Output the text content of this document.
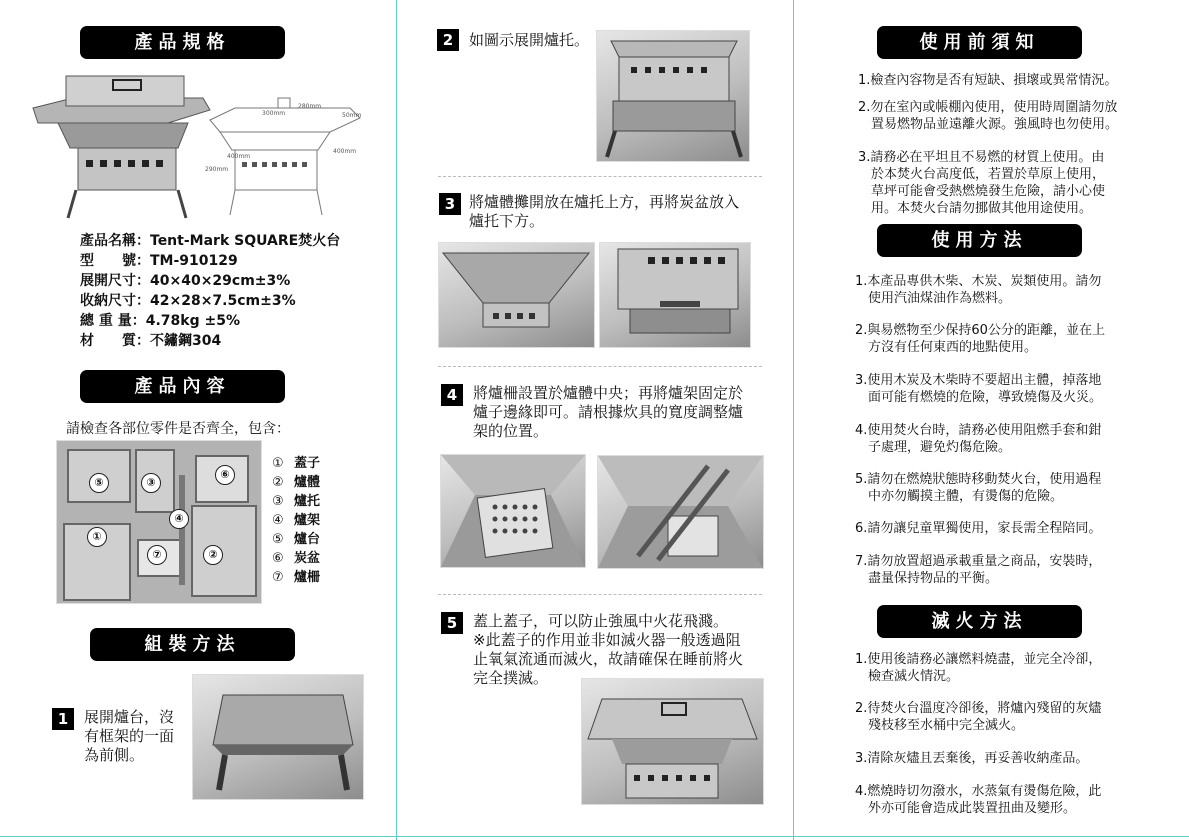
產品規格
300mm
280mm
50mm
400mm
400mm
290mm
產品名稱：Tent-Mark SQUARE焚火台
型　　號：TM-910129
展開尺寸：40×40×29cm±3%
收納尺寸：42×28×7.5cm±3%
總 重 量：4.78kg ±5%
材　　質：不鏽鋼304
產品內容
請檢查各部位零件是否齊全，包含：
⑤	③
⑥
④
①
⑦	②
① 蓋子
② 爐體
③ 爐托
④ 爐架
⑤ 爐台
⑥ 炭盆
⑦ 爐柵
組裝方法
1	展開爐台，沒
有框架的一面
為前側。
2	如圖示展開爐托。
3 將爐體攤開放在爐托上方，再將炭盆放入
爐托下方。
4	將爐柵設置於爐體中央；再將爐架固定於
爐子邊緣即可。請根據炊具的寬度調整爐
架的位置。
5	蓋上蓋子，可以防止強風中火花飛濺。
※此蓋子的作用並非如滅火器一般透過阻
止氧氣流通而滅火，故請確保在睡前將火
完全撲滅。
使用前須知
1.檢查內容物是否有短缺、損壞或異常情況。
2.勿在室內或帳棚內使用，使用時周圍請勿放
　置易燃物品並遠離火源。強風時也勿使用。
3.請務必在平坦且不易燃的材質上使用。由
　於本焚火台高度低，若置於草原上使用，
　草坪可能會受熱燃燒發生危險，請小心使
　用。本焚火台請勿挪做其他用途使用。
使用方法
1.本產品專供木柴、木炭、炭類使用。請勿
　使用汽油煤油作為燃料。
2.與易燃物至少保持60公分的距離，並在上
　方沒有任何東西的地點使用。
3.使用木炭及木柴時不要超出主體，掉落地
　面可能有燃燒的危險，導致燒傷及火災。
4.使用焚火台時，請務必使用阻燃手套和鉗
　子處理，避免灼傷危險。
5.請勿在燃燒狀態時移動焚火台，使用過程
　中亦勿觸摸主體，有燙傷的危險。
6.請勿讓兒童單獨使用，家長需全程陪同。
7.請勿放置超過承載重量之商品，安裝時，
　盡量保持物品的平衡。
滅火方法
1.使用後請務必讓燃料燒盡，並完全冷卻，
　檢查滅火情況。
2.待焚火台溫度冷卻後，將爐內殘留的灰燼
　殘枝移至水桶中完全滅火。
3.清除灰燼且丟棄後，再妥善收納產品。
4.燃燒時切勿潑水，水蒸氣有燙傷危險，此
　外亦可能會造成此裝置扭曲及變形。
